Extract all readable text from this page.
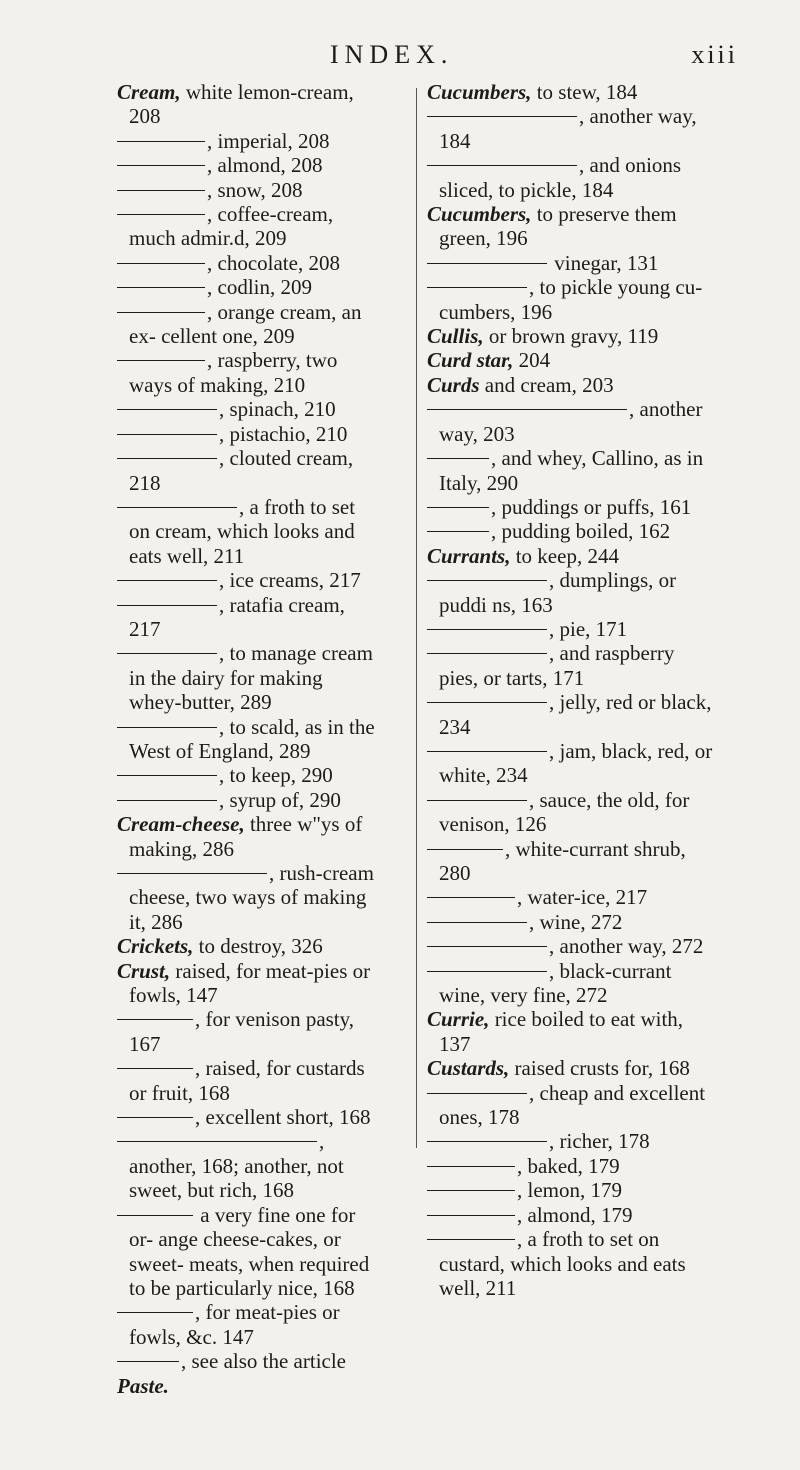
INDEX.	xiii

Cream, white lemon-cream, 208

, imperial, 208

, almond, 208

, snow, 208

, coffee-cream, much admir.d, 209

, chocolate, 208

, codlin, 209

, orange cream, an ex- cellent one, 209

, raspberry, two ways of making, 210

, spinach, 210

, pistachio, 210

, clouted cream, 218

, a froth to set on cream, which looks and eats well, 211

, ice creams, 217

, ratafia cream, 217

, to manage cream in the dairy for making whey-butter, 289

, to scald, as in the West of England, 289

, to keep, 290

, syrup of, 290

Cream-cheese, three w"ys of making, 286

, rush-cream cheese, two ways of making it, 286

Crickets, to destroy, 326

Crust, raised, for meat-pies or fowls, 147

, for venison pasty, 167

, raised, for custards or fruit, 168

, excellent short, 168

, another, 168; another, not sweet, but rich, 168

a very fine one for or- ange cheese-cakes, or sweet- meats, when required to be particularly nice, 168

, for meat-pies or fowls, &c. 147

, see also the article

Paste.

Cucumbers, to stew, 184

, another way, 184

, and onions sliced, to pickle, 184

Cucumbers, to preserve them green, 196

vinegar, 131

, to pickle young cu- cumbers, 196

Cullis, or brown gravy, 119

Curd star, 204

Curds and cream, 203

, another way, 203

, and whey, Callino, as in Italy, 290

, puddings or puffs, 161

, pudding boiled, 162

Currants, to keep, 244

, dumplings, or puddi ns, 163

, pie, 171

, and raspberry pies, or tarts, 171

, jelly, red or black, 234

, jam, black, red, or white, 234

, sauce, the old, for venison, 126

, white-currant shrub, 280

, water-ice, 217

, wine, 272

, another way, 272

, black-currant wine, very fine, 272

Currie, rice boiled to eat with, 137

Custards, raised crusts for, 168

, cheap and excellent ones, 178

, richer, 178

, baked, 179

, lemon, 179

, almond, 179

, a froth to set on custard, which looks and eats well, 211
